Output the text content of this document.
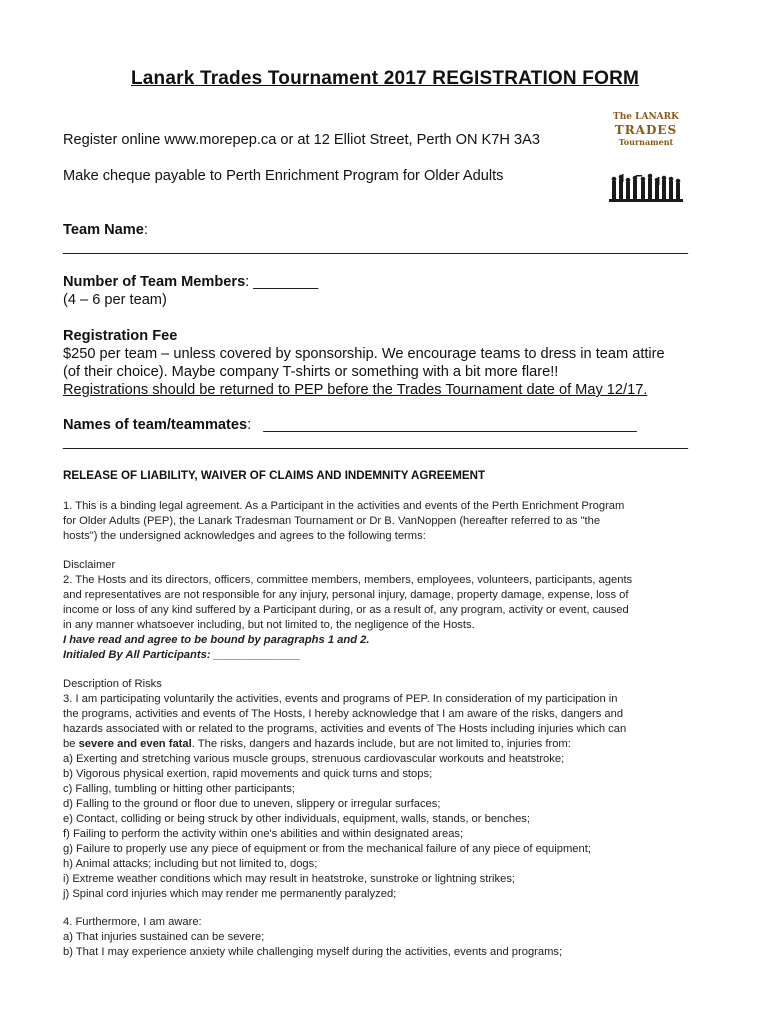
Lanark Trades Tournament 2017 REGISTRATION FORM
The LANARK
TRADES
Tournament
Register online www.morepep.ca or at 12 Elliot Street, Perth ON K7H 3A3
Make cheque payable to Perth Enrichment Program for Older Adults
Team Name:
_____________________________________________________________________________
Number of Team Members: ________
(4 – 6 per team)
Registration Fee
$250 per team – unless covered by sponsorship. We encourage teams to dress in team attire
(of their choice). Maybe company T-shirts or something with a bit more flare!!
Registrations should be returned to PEP before the Trades Tournament date of May 12/17.
Names of team/teammates: ______________________________________________
_____________________________________________________________________________
RELEASE OF LIABILITY, WAIVER OF CLAIMS AND INDEMNITY AGREEMENT
1. This is a binding legal agreement. As a Participant in the activities and events of the Perth Enrichment Program
for Older Adults (PEP), the Lanark Tradesman Tournament or Dr B. VanNoppen (hereafter referred to as "the
hosts") the undersigned acknowledges and agrees to the following terms:
Disclaimer
2. The Hosts and its directors, officers, committee members, members, employees, volunteers, participants, agents
and representatives are not responsible for any injury, personal injury, damage, property damage, expense, loss of
income or loss of any kind suffered by a Participant during, or as a result of, any program, activity or event, caused
in any manner whatsoever including, but not limited to, the negligence of the Hosts.
I have read and agree to be bound by paragraphs 1 and 2.
Initialed By All Participants: ______________
Description of Risks
3. I am participating voluntarily the activities, events and programs of PEP. In consideration of my participation in
the programs, activities and events of The Hosts, I hereby acknowledge that I am aware of the risks, dangers and
hazards associated with or related to the programs, activities and events of The Hosts including injuries which can
be severe and even fatal. The risks, dangers and hazards include, but are not limited to, injuries from:
a) Exerting and stretching various muscle groups, strenuous cardiovascular workouts and heatstroke;
b) Vigorous physical exertion, rapid movements and quick turns and stops;
c) Falling, tumbling or hitting other participants;
d) Falling to the ground or floor due to uneven, slippery or irregular surfaces;
e) Contact, colliding or being struck by other individuals, equipment, walls, stands, or benches;
f) Failing to perform the activity within one's abilities and within designated areas;
g) Failure to properly use any piece of equipment or from the mechanical failure of any piece of equipment;
h) Animal attacks; including but not limited to, dogs;
i) Extreme weather conditions which may result in heatstroke, sunstroke or lightning strikes;
j) Spinal cord injuries which may render me permanently paralyzed;
4. Furthermore, I am aware:
a) That injuries sustained can be severe;
b) That I may experience anxiety while challenging myself during the activities, events and programs;
